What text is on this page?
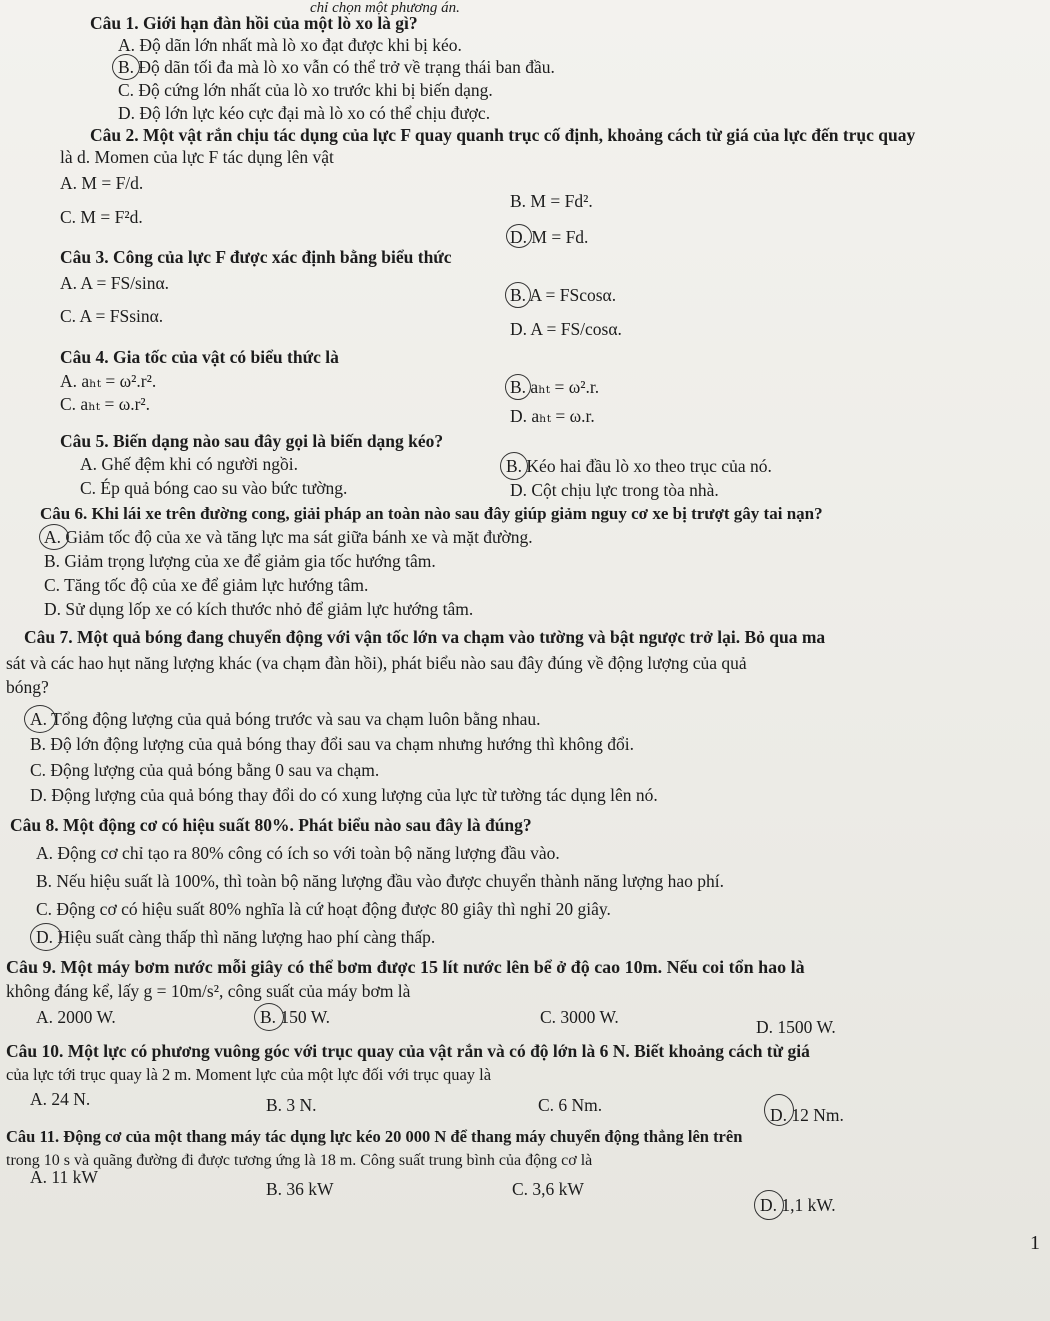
chỉ chọn một phương án.
Câu 1. Giới hạn đàn hồi của một lò xo là gì?
A. Độ dãn lớn nhất mà lò xo đạt được khi bị kéo.
B. Độ dãn tối đa mà lò xo vẫn có thể trở về trạng thái ban đầu.
C. Độ cứng lớn nhất của lò xo trước khi bị biến dạng.
D. Độ lớn lực kéo cực đại mà lò xo có thể chịu được.
Câu 2. Một vật rắn chịu tác dụng của lực F quay quanh trục cố định, khoảng cách từ giá của lực đến trục quay
là d. Momen của lực F tác dụng lên vật
A. M = F/d.
B. M = Fd².
C. M = F²d.
D. M = Fd.
Câu 3. Công của lực F được xác định bằng biểu thức
A. A = FS/sinα.
B. A = FScosα.
C. A = FSsinα.
D. A = FS/cosα.
Câu 4. Gia tốc của vật có biểu thức là
A. aₕₜ = ω².r².	B. aₕₜ = ω².r.
C. aₕₜ = ω.r².
D. aₕₜ = ω.r.
Câu 5. Biến dạng nào sau đây gọi là biến dạng kéo?
A. Ghế đệm khi có người ngồi.	B. Kéo hai đầu lò xo theo trục của nó.
C. Ép quả bóng cao su vào bức tường.	D. Cột chịu lực trong tòa nhà.
Câu 6. Khi lái xe trên đường cong, giải pháp an toàn nào sau đây giúp giảm nguy cơ xe bị trượt gây tai nạn?
A. Giảm tốc độ của xe và tăng lực ma sát giữa bánh xe và mặt đường.
B. Giảm trọng lượng của xe để giảm gia tốc hướng tâm.
C. Tăng tốc độ của xe để giảm lực hướng tâm.
D. Sử dụng lốp xe có kích thước nhỏ để giảm lực hướng tâm.
Câu 7. Một quả bóng đang chuyển động với vận tốc lớn va chạm vào tường và bật ngược trở lại. Bỏ qua ma
sát và các hao hụt năng lượng khác (va chạm đàn hồi), phát biểu nào sau đây đúng về động lượng của quả
bóng?
A. Tổng động lượng của quả bóng trước và sau va chạm luôn bằng nhau.
B. Độ lớn động lượng của quả bóng thay đổi sau va chạm nhưng hướng thì không đổi.
C. Động lượng của quả bóng bằng 0 sau va chạm.
D. Động lượng của quả bóng thay đổi do có xung lượng của lực từ tường tác dụng lên nó.
Câu 8. Một động cơ có hiệu suất 80%. Phát biểu nào sau đây là đúng?
A. Động cơ chỉ tạo ra 80% công có ích so với toàn bộ năng lượng đầu vào.
B. Nếu hiệu suất là 100%, thì toàn bộ năng lượng đầu vào được chuyển thành năng lượng hao phí.
C. Động cơ có hiệu suất 80% nghĩa là cứ hoạt động được 80 giây thì nghỉ 20 giây.
D. Hiệu suất càng thấp thì năng lượng hao phí càng thấp.
Câu 9. Một máy bơm nước mỗi giây có thể bơm được 15 lít nước lên bể ở độ cao 10m. Nếu coi tổn hao là
không đáng kể, lấy g = 10m/s², công suất của máy bơm là
A. 2000 W.	B. 150 W.	C. 3000 W.	D. 1500 W.
Câu 10. Một lực có phương vuông góc với trục quay của vật rắn và có độ lớn là 6 N. Biết khoảng cách từ giá
của lực tới trục quay là 2 m. Moment lực của một lực đối với trục quay là
A. 24 N.	B. 3 N.	C. 6 Nm.	D. 12 Nm.
Câu 11. Động cơ của một thang máy tác dụng lực kéo 20 000 N để thang máy chuyển động thẳng lên trên
trong 10 s và quãng đường đi được tương ứng là 18 m. Công suất trung bình của động cơ là
A. 11 kW
B. 36 kW	C. 3,6 kW
D. 1,1 kW.
1
